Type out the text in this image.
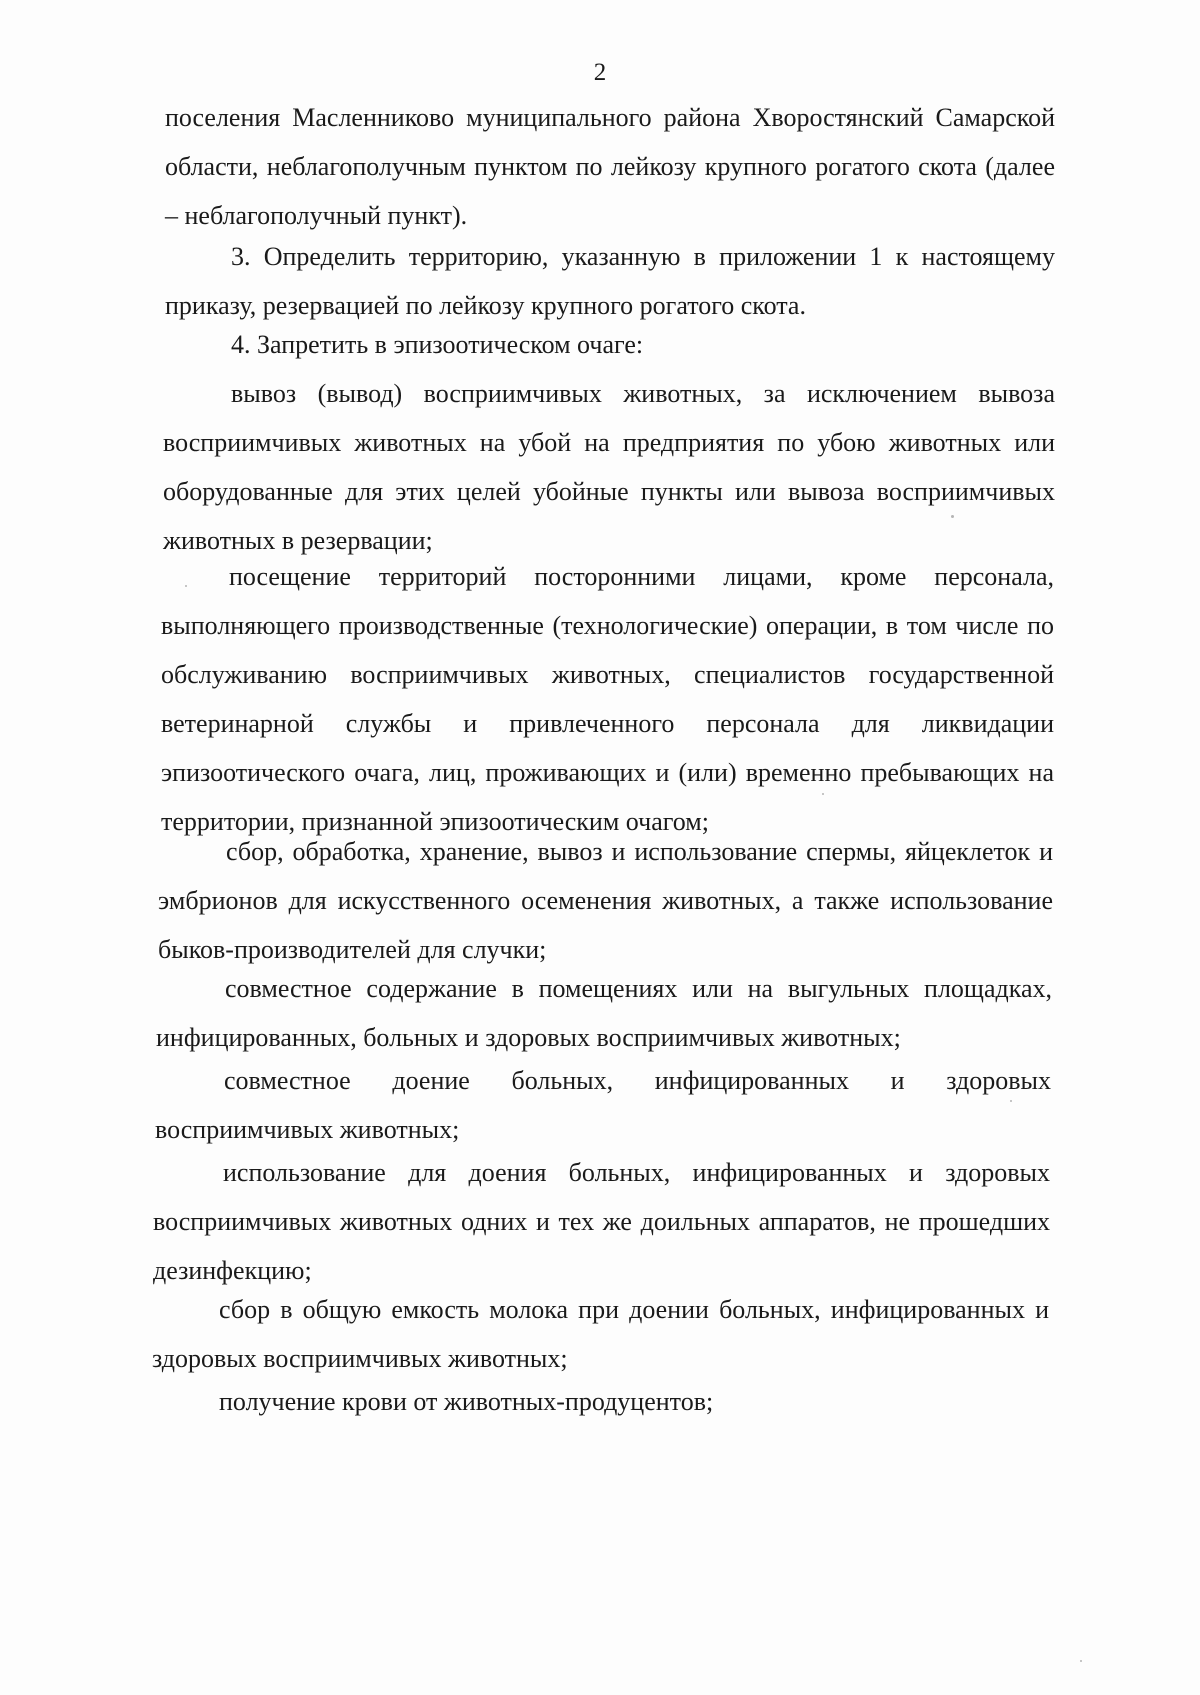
2

поселения Масленниково муниципального района Хворостянский Самарской области, неблагополучным пунктом по лейкозу крупного рогатого скота (далее – неблагополучный пункт).

3. Определить территорию, указанную в приложении 1 к настоящему приказу, резервацией по лейкозу крупного рогатого скота.

4. Запретить в эпизоотическом очаге:

вывоз (вывод) восприимчивых животных, за исключением вывоза восприимчивых животных на убой на предприятия по убою животных или оборудованные для этих целей убойные пункты или вывоза восприимчивых животных в резервации;

посещение территорий посторонними лицами, кроме персонала, выполняющего производственные (технологические) операции, в том числе по обслуживанию восприимчивых животных, специалистов государственной ветеринарной службы и привлеченного персонала для ликвидации эпизоотического очага, лиц, проживающих и (или) временно пребывающих на территории, признанной эпизоотическим очагом;

сбор, обработка, хранение, вывоз и использование спермы, яйцеклеток и эмбрионов для искусственного осеменения животных, а также использование быков-производителей для случки;

совместное содержание в помещениях или на выгульных площадках, инфицированных, больных и здоровых восприимчивых животных;

совместное доение больных, инфицированных и здоровых восприимчивых животных;

использование для доения больных, инфицированных и здоровых восприимчивых животных одних и тех же доильных аппаратов, не прошедших дезинфекцию;

сбор в общую емкость молока при доении больных, инфицированных и здоровых восприимчивых животных;

получение крови от животных-продуцентов;
